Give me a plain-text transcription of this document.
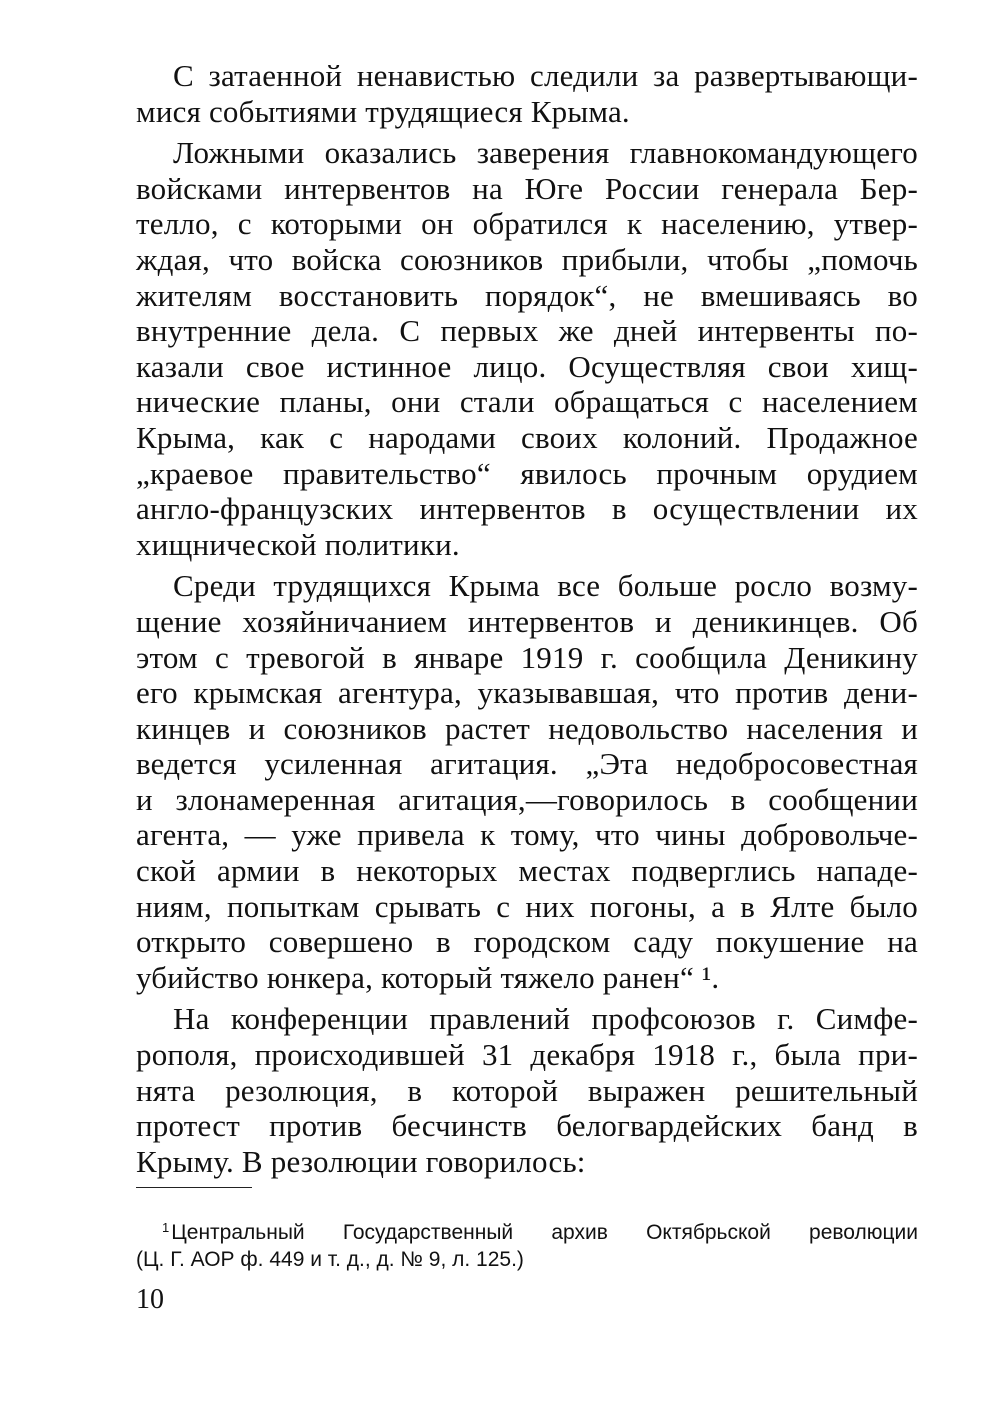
С затаенной ненавистью следили за развертывающи-
мися событиями трудящиеся Крыма.
Ложными оказались заверения главнокомандующего
войсками интервентов на Юге России генерала Бер-
телло, с которыми он обратился к населению, утвер-
ждая, что войска союзников прибыли, чтобы „помочь
жителям восстановить порядок“, не вмешиваясь во
внутренние дела. С первых же дней интервенты по-
казали свое истинное лицо. Осуществляя свои хищ-
нические планы, они стали обращаться с населением
Крыма, как с народами своих колоний. Продажное
„краевое правительство“ явилось прочным орудием
англо-французских интервентов в осуществлении их
хищнической политики.
Среди трудящихся Крыма все больше росло возму-
щение хозяйничанием интервентов и деникинцев. Об
этом с тревогой в январе 1919 г. сообщила Деникину
его крымская агентура, указывавшая, что против дени-
кинцев и союзников растет недовольство населения и
ведется усиленная агитация. „Эта недобросовестная
и злонамеренная агитация,—говорилось в сообщении
агента, — уже привела к тому, что чины добровольче-
ской армии в некоторых местах подверглись нападе-
ниям, попыткам срывать с них погоны, а в Ялте было
открыто совершено в городском саду покушение на
убийство юнкера, который тяжело ранен“ ¹.
На конференции правлений профсоюзов г. Симфе-
рополя, происходившей 31 декабря 1918 г., была при-
нята резолюция, в которой выражен решительный
протест против бесчинств белогвардейских банд в
Крыму. В резолюции говорилось:
$^1$Центральный Государственный архив Октябрьской революции
(Ц. Г. АОР ф. 449 и т. д., д. № 9, л. 125.)
10
